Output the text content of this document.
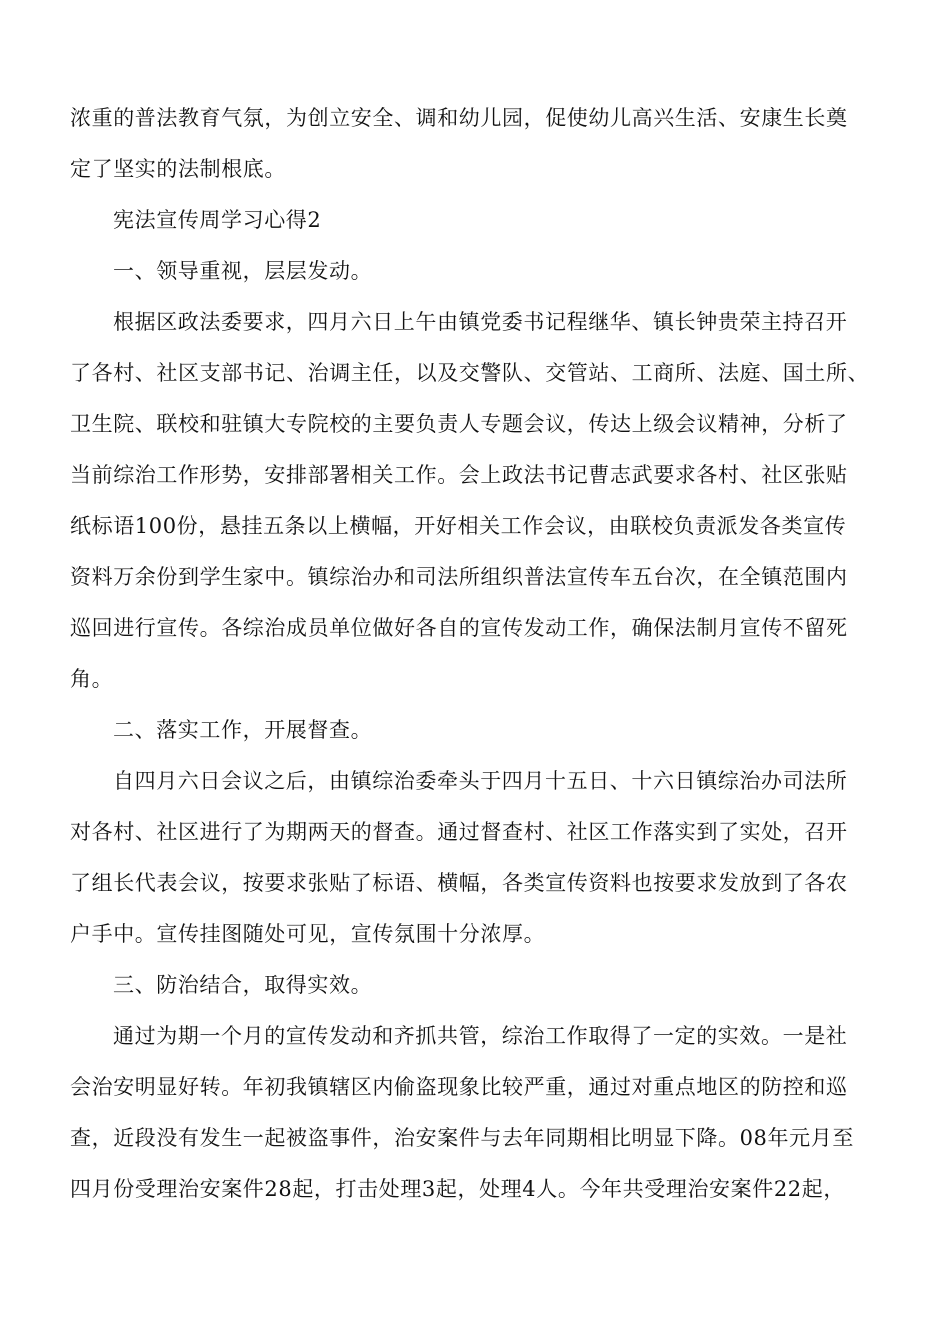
浓重的普法教育气氛，为创立安全、调和幼儿园，促使幼儿高兴生活、安康生长奠
定了坚实的法制根底。
宪法宣传周学习心得2
一、领导重视，层层发动。
根据区政法委要求，四月六日上午由镇党委书记程继华、镇长钟贵荣主持召开
了各村、社区支部书记、治调主任，以及交警队、交管站、工商所、法庭、国土所、
卫生院、联校和驻镇大专院校的主要负责人专题会议，传达上级会议精神，分析了
当前综治工作形势，安排部署相关工作。会上政法书记曹志武要求各村、社区张贴
纸标语100份，悬挂五条以上横幅，开好相关工作会议，由联校负责派发各类宣传
资料万余份到学生家中。镇综治办和司法所组织普法宣传车五台次，在全镇范围内
巡回进行宣传。各综治成员单位做好各自的宣传发动工作，确保法制月宣传不留死
角。
二、落实工作，开展督查。
自四月六日会议之后，由镇综治委牵头于四月十五日、十六日镇综治办司法所
对各村、社区进行了为期两天的督查。通过督查村、社区工作落实到了实处，召开
了组长代表会议，按要求张贴了标语、横幅，各类宣传资料也按要求发放到了各农
户手中。宣传挂图随处可见，宣传氛围十分浓厚。
三、防治结合，取得实效。
通过为期一个月的宣传发动和齐抓共管，综治工作取得了一定的实效。一是社
会治安明显好转。年初我镇辖区内偷盗现象比较严重，通过对重点地区的防控和巡
查，近段没有发生一起被盗事件，治安案件与去年同期相比明显下降。08年元月至
四月份受理治安案件28起，打击处理3起，处理4人。今年共受理治安案件22起，
